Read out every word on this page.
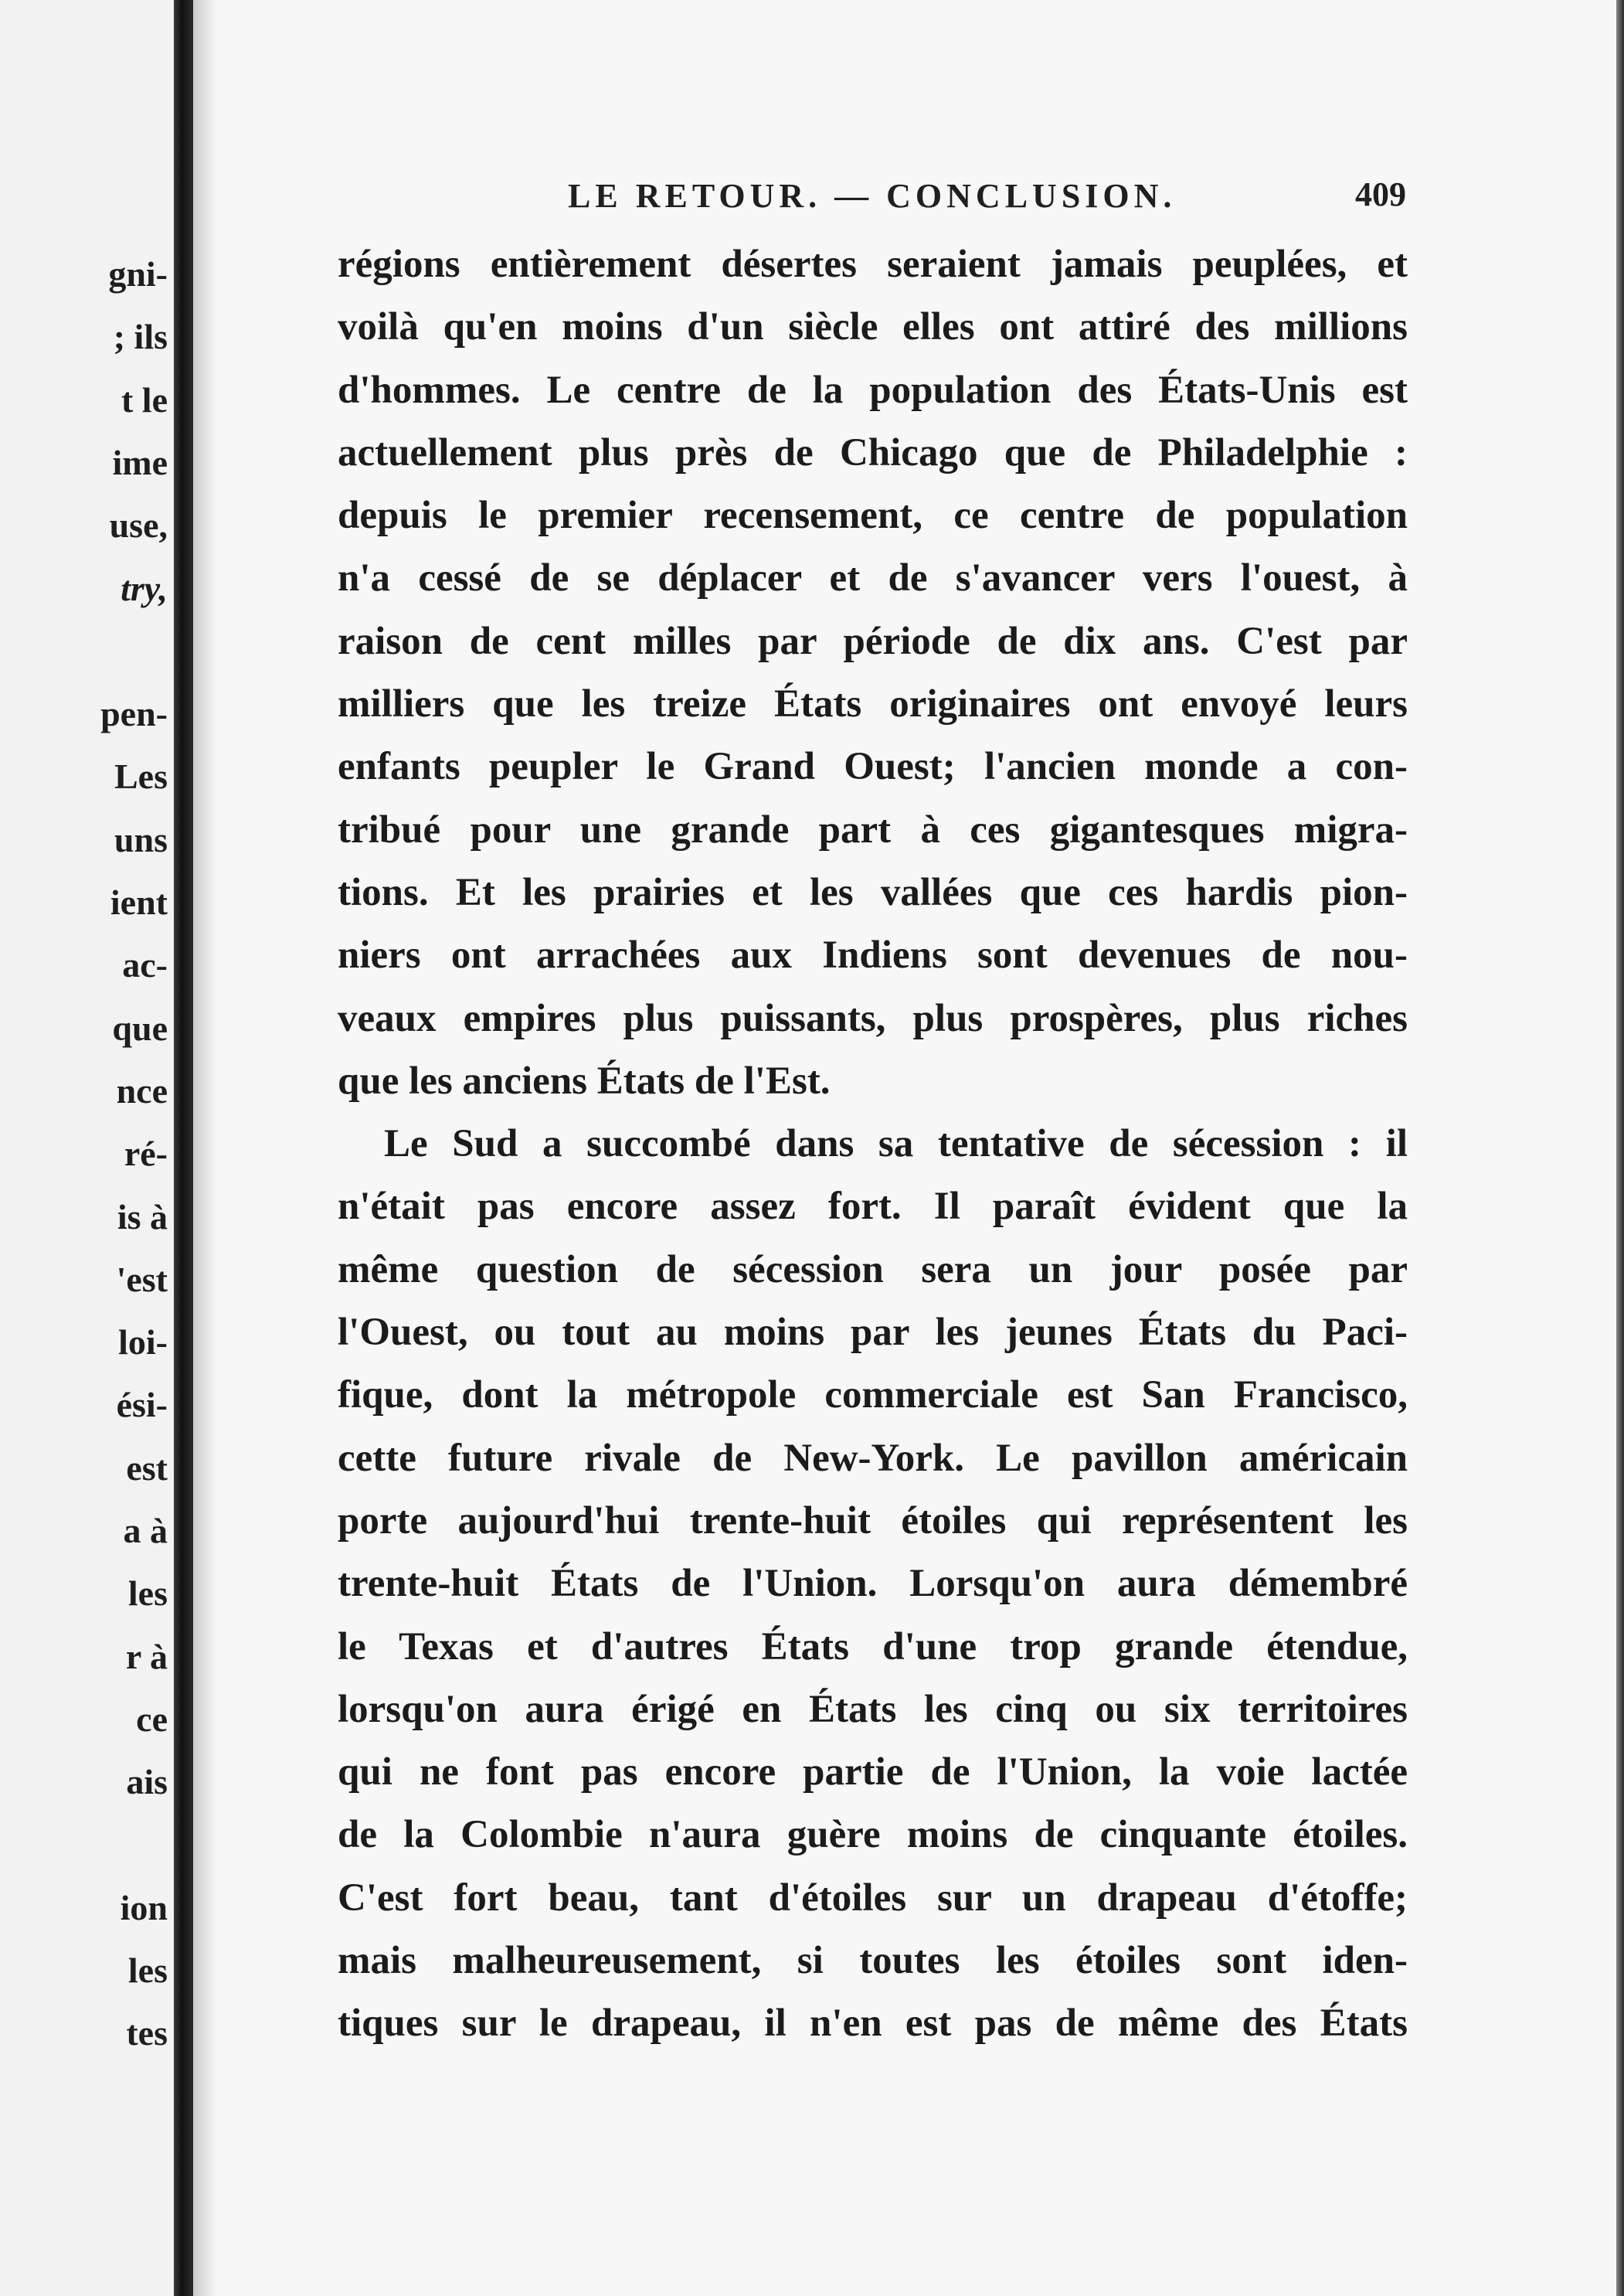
gni-
; ils
t le
ime
use,
try,
pen-
Les
uns
ient
ac-
que
nce
ré-
is à
'est
loi-
ési-
est
a à
les
r à
ce
ais
ion
les
tes
LE RETOUR. — CONCLUSION.	409
régions entièrement désertes seraient jamais peuplées, et
voilà qu'en moins d'un siècle elles ont attiré des millions
d'hommes. Le centre de la population des États-Unis est
actuellement plus près de Chicago que de Philadelphie :
depuis le premier recensement, ce centre de population
n'a cessé de se déplacer et de s'avancer vers l'ouest, à
raison de cent milles par période de dix ans. C'est par
milliers que les treize États originaires ont envoyé leurs
enfants peupler le Grand Ouest; l'ancien monde a con-
tribué pour une grande part à ces gigantesques migra-
tions. Et les prairies et les vallées que ces hardis pion-
niers ont arrachées aux Indiens sont devenues de nou-
veaux empires plus puissants, plus prospères, plus riches
que les anciens États de l'Est.
Le Sud a succombé dans sa tentative de sécession : il
n'était pas encore assez fort. Il paraît évident que la
même question de sécession sera un jour posée par
l'Ouest, ou tout au moins par les jeunes États du Paci-
fique, dont la métropole commerciale est San Francisco,
cette future rivale de New-York. Le pavillon américain
porte aujourd'hui trente-huit étoiles qui représentent les
trente-huit États de l'Union. Lorsqu'on aura démembré
le Texas et d'autres États d'une trop grande étendue,
lorsqu'on aura érigé en États les cinq ou six territoires
qui ne font pas encore partie de l'Union, la voie lactée
de la Colombie n'aura guère moins de cinquante étoiles.
C'est fort beau, tant d'étoiles sur un drapeau d'étoffe;
mais malheureusement, si toutes les étoiles sont iden-
tiques sur le drapeau, il n'en est pas de même des États
